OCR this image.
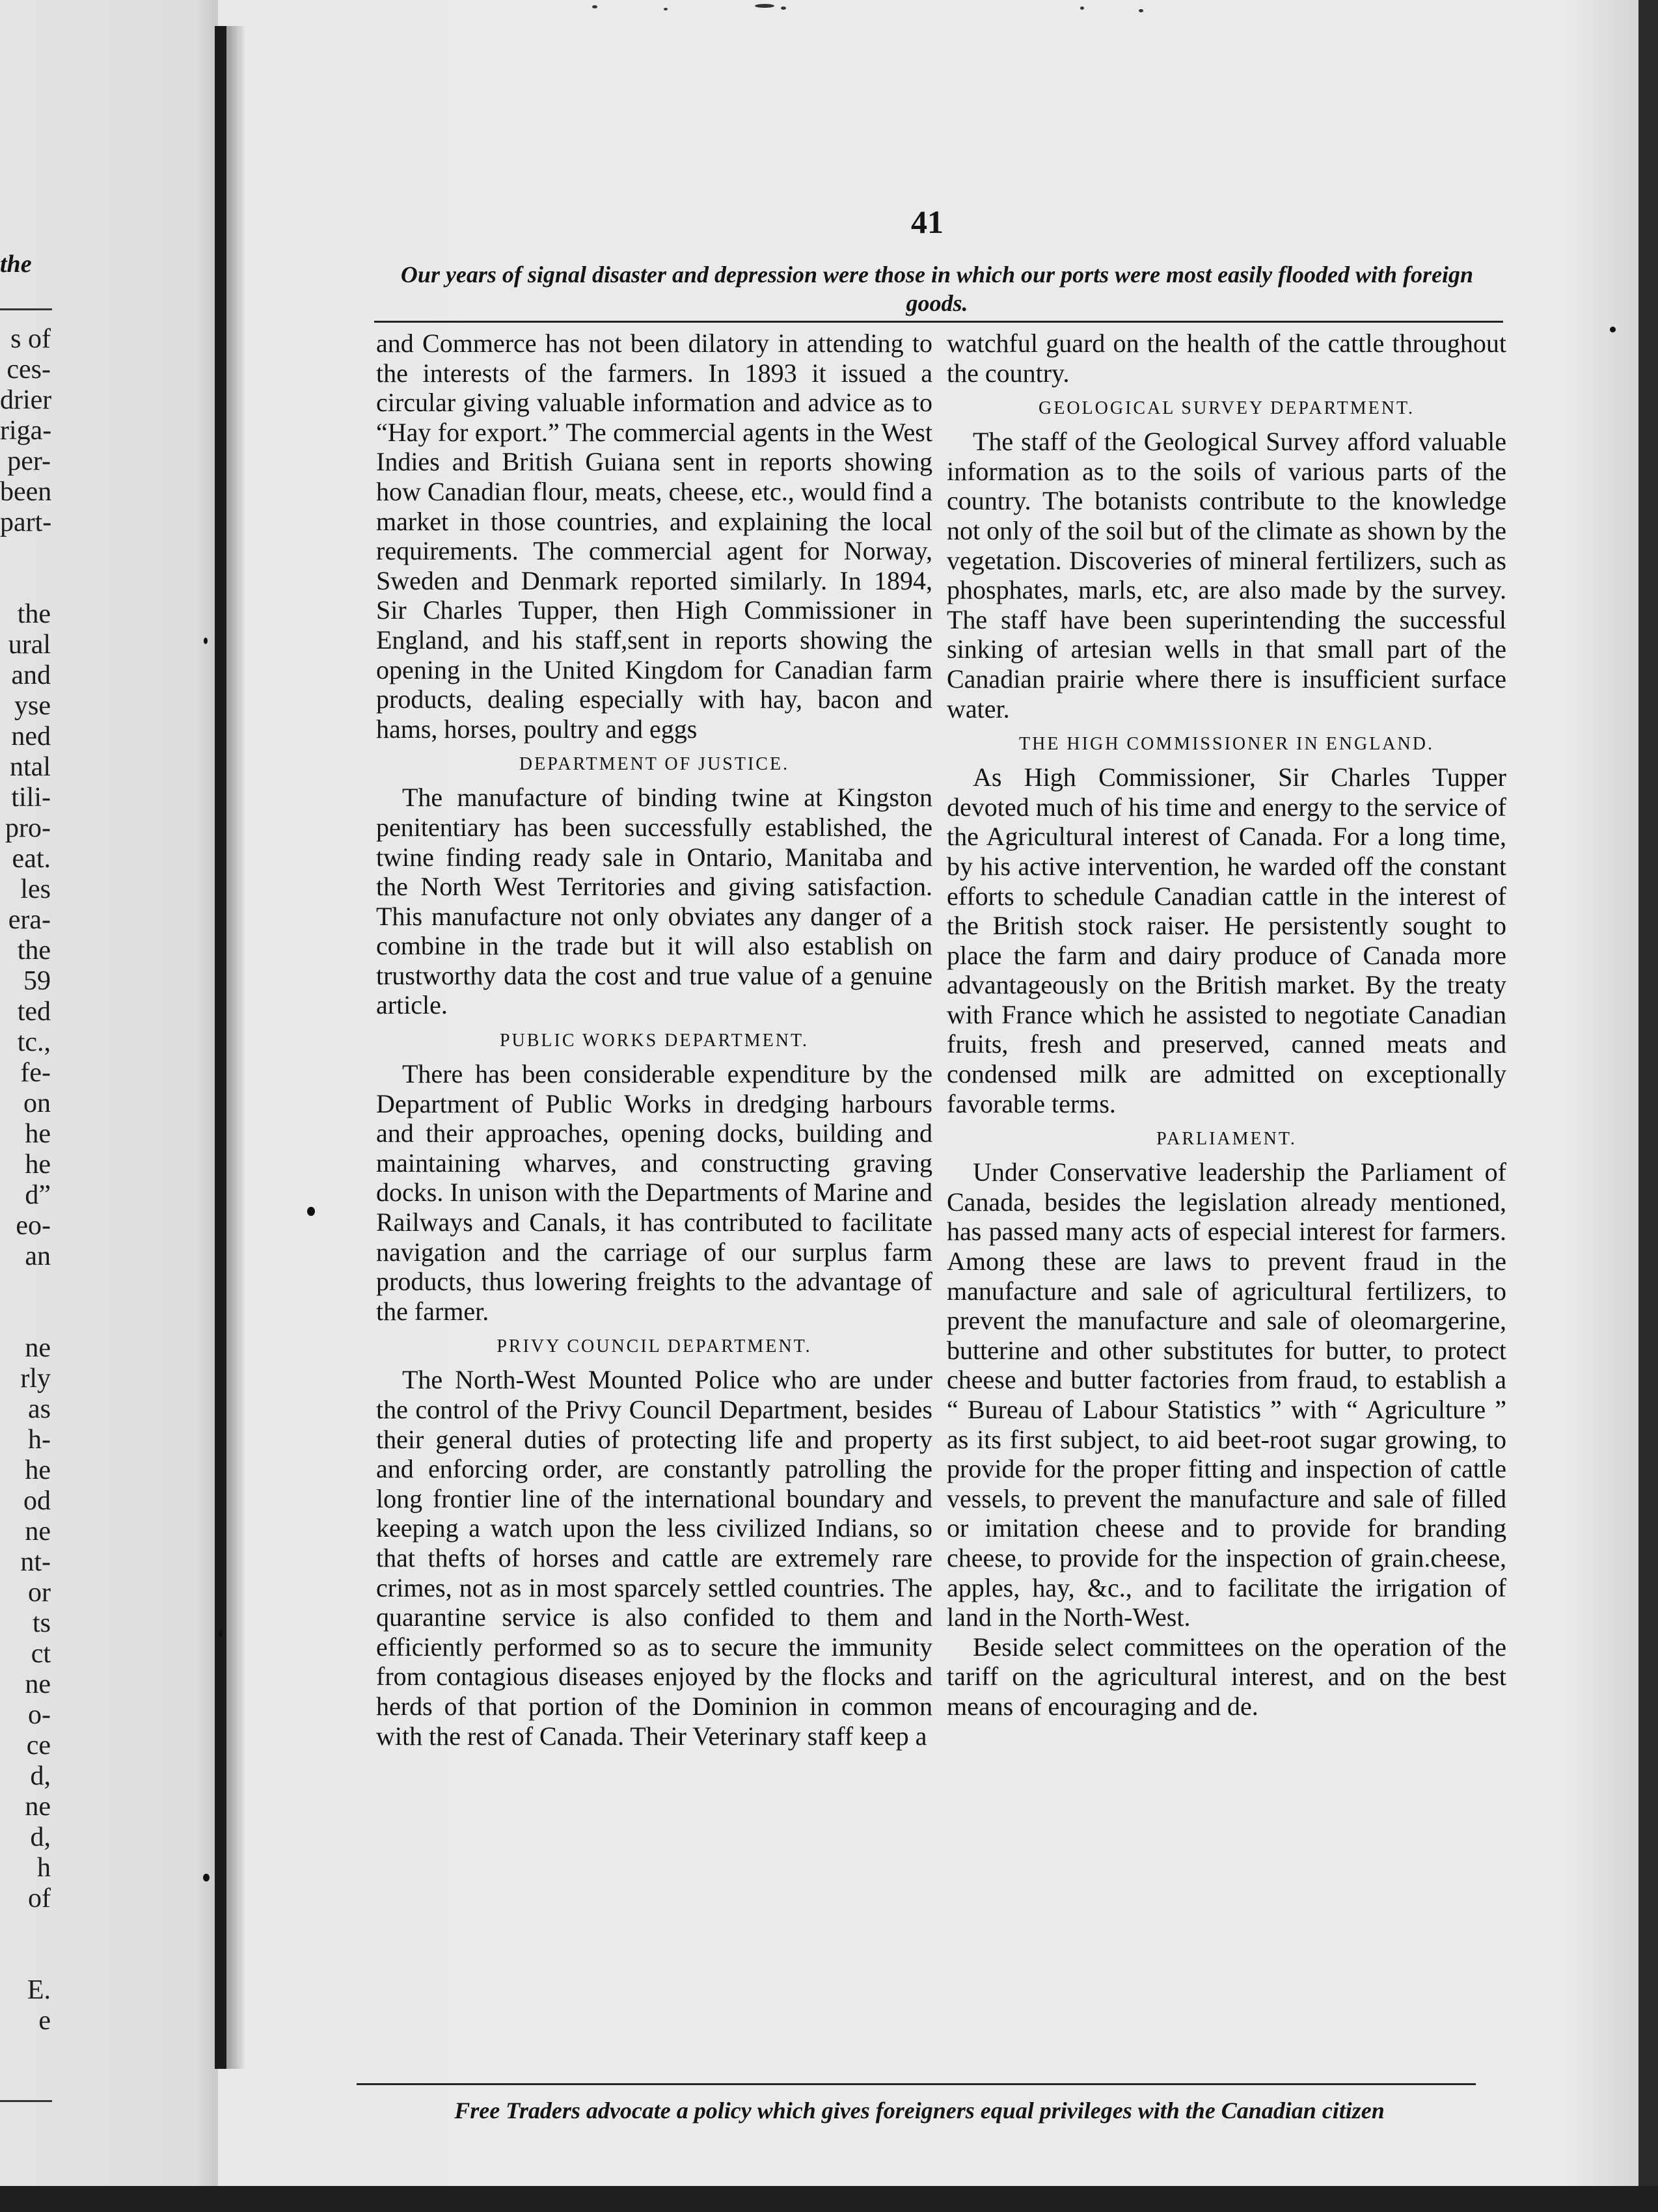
the
s of
ces-
drier
riga-
per-
been
part-
the
ural
and
yse
ned
ntal
tili-
pro-
eat.
les
era-
the
59
ted
tc.,
fe-
on
he
he
d”
eo-
an
ne
rly
as
h-
he
od
ne
nt-
or
ts
ct
ne
o-
ce
d,
ne
d,
h
of
E.
e
41
Our years of signal disaster and depression were those in which our ports were most easily flooded with foreign goods.

and Commerce has not been dilatory in attending to the interests of the farmers. In 1893 it issued a circular giving valuable information and advice as to “Hay for export.” The commercial agents in the West Indies and British Guiana sent in reports showing how Canadian flour, meats, cheese, etc., would find a market in those countries, and explaining the local requirements. The commercial agent for Norway, Sweden and Denmark reported similarly. In 1894, Sir Charles Tupper, then High Commissioner in England, and his staff,sent in reports showing the opening in the United Kingdom for Canadian farm products, dealing especially with hay, bacon and hams, horses, poultry and eggs

DEPARTMENT OF JUSTICE.

The manufacture of binding twine at Kingston penitentiary has been successfully established, the twine finding ready sale in Ontario, Manitaba and the North West Territories and giving satisfaction. This manufacture not only obviates any danger of a combine in the trade but it will also establish on trustworthy data the cost and true value of a genuine article.

PUBLIC WORKS DEPARTMENT.

There has been considerable expenditure by the Department of Public Works in dredging harbours and their approaches, opening docks, building and maintaining wharves, and constructing graving docks. In unison with the Departments of Marine and Railways and Canals, it has contributed to facilitate navigation and the carriage of our surplus farm products, thus lowering freights to the advantage of the farmer.

PRIVY COUNCIL DEPARTMENT.

The North-West Mounted Police who are under the control of the Privy Council Department, besides their general duties of protecting life and property and enforcing order, are constantly patrolling the long frontier line of the international boundary and keeping a watch upon the less civilized Indians, so that thefts of horses and cattle are extremely rare crimes, not as in most sparcely settled countries. The quarantine service is also confided to them and efficiently performed so as to secure the immunity from contagious diseases enjoyed by the flocks and herds of that portion of the Dominion in common with the rest of Canada. Their Veterinary staff keep a

watchful guard on the health of the cattle throughout the country.

GEOLOGICAL SURVEY DEPARTMENT.

The staff of the Geological Survey afford valuable information as to the soils of various parts of the country. The botanists contribute to the knowledge not only of the soil but of the climate as shown by the vegetation. Discoveries of mineral fertilizers, such as phosphates, marls, etc, are also made by the survey. The staff have been superintending the successful sinking of artesian wells in that small part of the Canadian prairie where there is insufficient surface water.

THE HIGH COMMISSIONER IN ENGLAND.

As High Commissioner, Sir Charles Tupper devoted much of his time and energy to the service of the Agricultural interest of Canada. For a long time, by his active intervention, he warded off the constant efforts to schedule Canadian cattle in the interest of the British stock raiser. He persistently sought to place the farm and dairy produce of Canada more advantageously on the British market. By the treaty with France which he assisted to negotiate Canadian fruits, fresh and preserved, canned meats and condensed milk are admitted on exceptionally favorable terms.

PARLIAMENT.

Under Conservative leadership the Parliament of Canada, besides the legislation already mentioned, has passed many acts of especial interest for farmers. Among these are laws to prevent fraud in the manufacture and sale of agricultural fertilizers, to prevent the manufacture and sale of oleomargerine, butterine and other substitutes for butter, to protect cheese and butter factories from fraud, to establish a “ Bureau of Labour Statistics ” with “ Agriculture ” as its first subject, to aid beet-root sugar growing, to provide for the proper fitting and inspection of cattle vessels, to prevent the manufacture and sale of filled or imitation cheese and to provide for branding cheese, to provide for the inspection of grain.cheese, apples, hay, &c., and to facilitate the irrigation of land in the North-West.

Beside select committees on the operation of the tariff on the agricultural interest, and on the best means of encouraging and de.

Free Traders advocate a policy which gives foreigners equal privileges with the Canadian citizen
